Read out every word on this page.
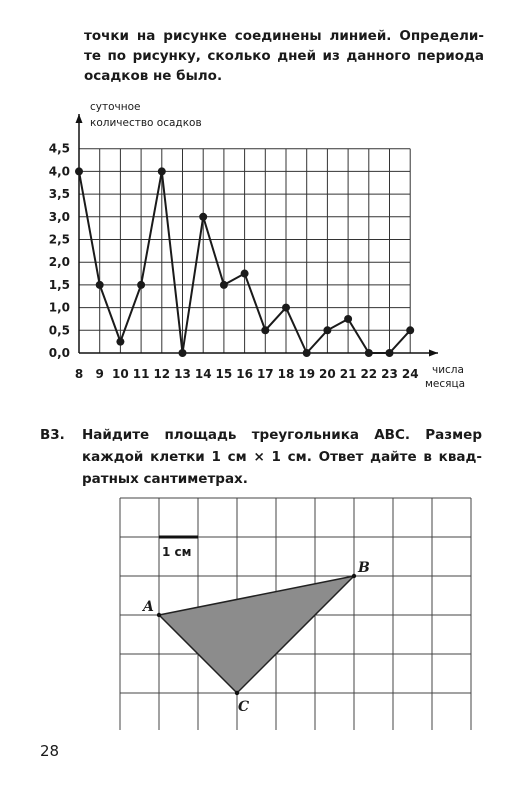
точки на рисунке соединены линией. Определи-
те по рисунку, сколько дней из данного периода
осадков не было.
0,0
0,5
1,0
1,5
2,0
2,5
3,0
3,5
4,0
4,5
8 9 10 11 12 13 14 15 16 17 18 19 20 21 22 23 24
суточное
количество осадков
числа
месяца
B3. Найдите площадь треугольника ABC. Размер
каждой клетки 1 см × 1 см. Ответ дайте в квад-
ратных сантиметрах.
1 см
A
B
C
28
